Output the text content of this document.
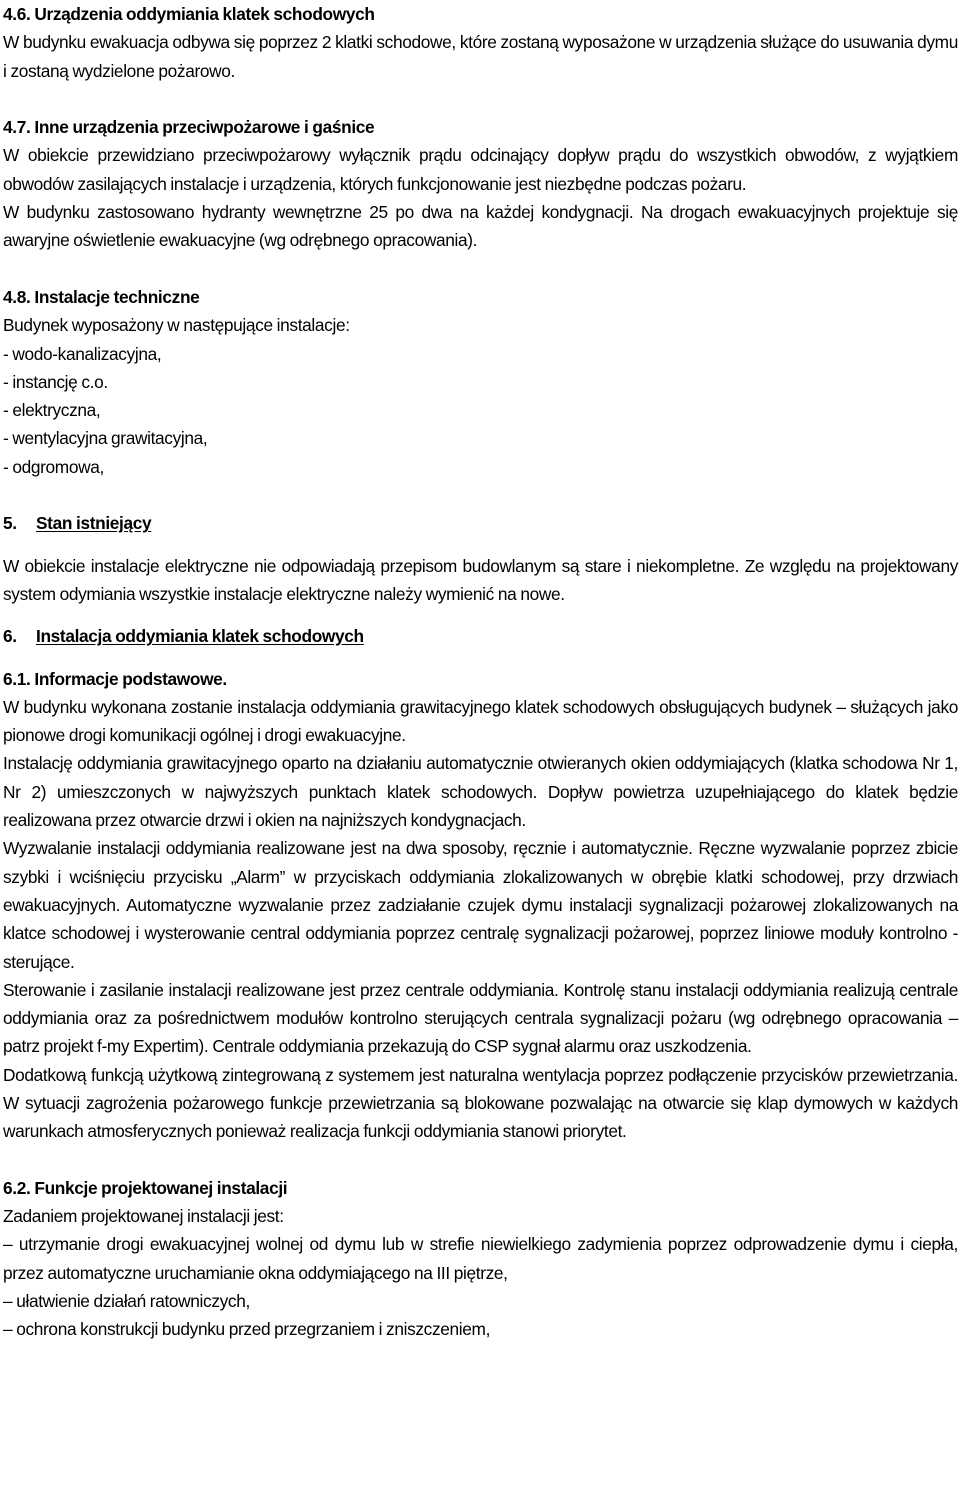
4.6. Urządzenia oddymiania klatek schodowych

W budynku ewakuacja odbywa się poprzez 2 klatki schodowe, które zostaną wyposażone w urządzenia służące do usuwania dymu i zostaną wydzielone pożarowo.

4.7. Inne urządzenia przeciwpożarowe i gaśnice

W obiekcie przewidziano przeciwpożarowy wyłącznik prądu odcinający dopływ prądu do wszystkich obwodów, z wyjątkiem obwodów zasilających instalacje i urządzenia, których funkcjonowanie jest niezbędne podczas pożaru.

W budynku zastosowano hydranty wewnętrzne 25 po dwa na każdej kondygnacji. Na drogach ewakuacyjnych projektuje się awaryjne oświetlenie ewakuacyjne (wg odrębnego opracowania).

4.8. Instalacje techniczne

Budynek wyposażony w następujące instalacje:

- wodo-kanalizacyjna,

- instancję c.o.

- elektryczna,

- wentylacyjna grawitacyjna,

- odgromowa,

5. Stan istniejący

W obiekcie instalacje elektryczne nie odpowiadają przepisom budowlanym są stare i niekompletne. Ze względu na projektowany system odymiania wszystkie instalacje elektryczne należy wymienić na nowe.

6. Instalacja oddymiania klatek schodowych

6.1. Informacje podstawowe.

W budynku wykonana zostanie instalacja oddymiania grawitacyjnego klatek schodowych obsługujących budynek – służących jako pionowe drogi komunikacji ogólnej i drogi ewakuacyjne.

Instalację oddymiania grawitacyjnego oparto na działaniu automatycznie otwieranych okien oddymiających (klatka schodowa Nr 1, Nr 2) umieszczonych w najwyższych punktach klatek schodowych. Dopływ powietrza uzupełniającego do klatek będzie realizowana przez otwarcie drzwi i okien na najniższych kondygnacjach.

Wyzwalanie instalacji oddymiania realizowane jest na dwa sposoby, ręcznie i automatycznie. Ręczne wyzwalanie poprzez zbicie szybki i wciśnięciu przycisku „Alarm” w przyciskach oddymiania zlokalizowanych w obrębie klatki schodowej, przy drzwiach ewakuacyjnych. Automatyczne wyzwalanie przez zadziałanie czujek dymu instalacji sygnalizacji pożarowej zlokalizowanych na klatce schodowej i wysterowanie central oddymiania poprzez centralę sygnalizacji pożarowej, poprzez liniowe moduły kontrolno - sterujące.

Sterowanie i zasilanie instalacji realizowane jest przez centrale oddymiania. Kontrolę stanu instalacji oddymiania realizują centrale oddymiania oraz za pośrednictwem modułów kontrolno sterujących centrala sygnalizacji pożaru (wg odrębnego opracowania – patrz projekt f-my Expertim). Centrale oddymiania przekazują do CSP sygnał alarmu oraz uszkodzenia.

Dodatkową funkcją użytkową zintegrowaną z systemem jest naturalna wentylacja poprzez podłączenie przycisków przewietrzania. W sytuacji zagrożenia pożarowego funkcje przewietrzania są blokowane pozwalając na otwarcie się klap dymowych w każdych warunkach atmosferycznych ponieważ realizacja funkcji oddymiania stanowi priorytet.

6.2. Funkcje projektowanej instalacji

Zadaniem projektowanej instalacji jest:

– utrzymanie drogi ewakuacyjnej wolnej od dymu lub w strefie niewielkiego zadymienia poprzez odprowadzenie dymu i ciepła, przez automatyczne uruchamianie okna oddymiającego na III piętrze,

– ułatwienie działań ratowniczych,

– ochrona konstrukcji budynku przed przegrzaniem i zniszczeniem,
